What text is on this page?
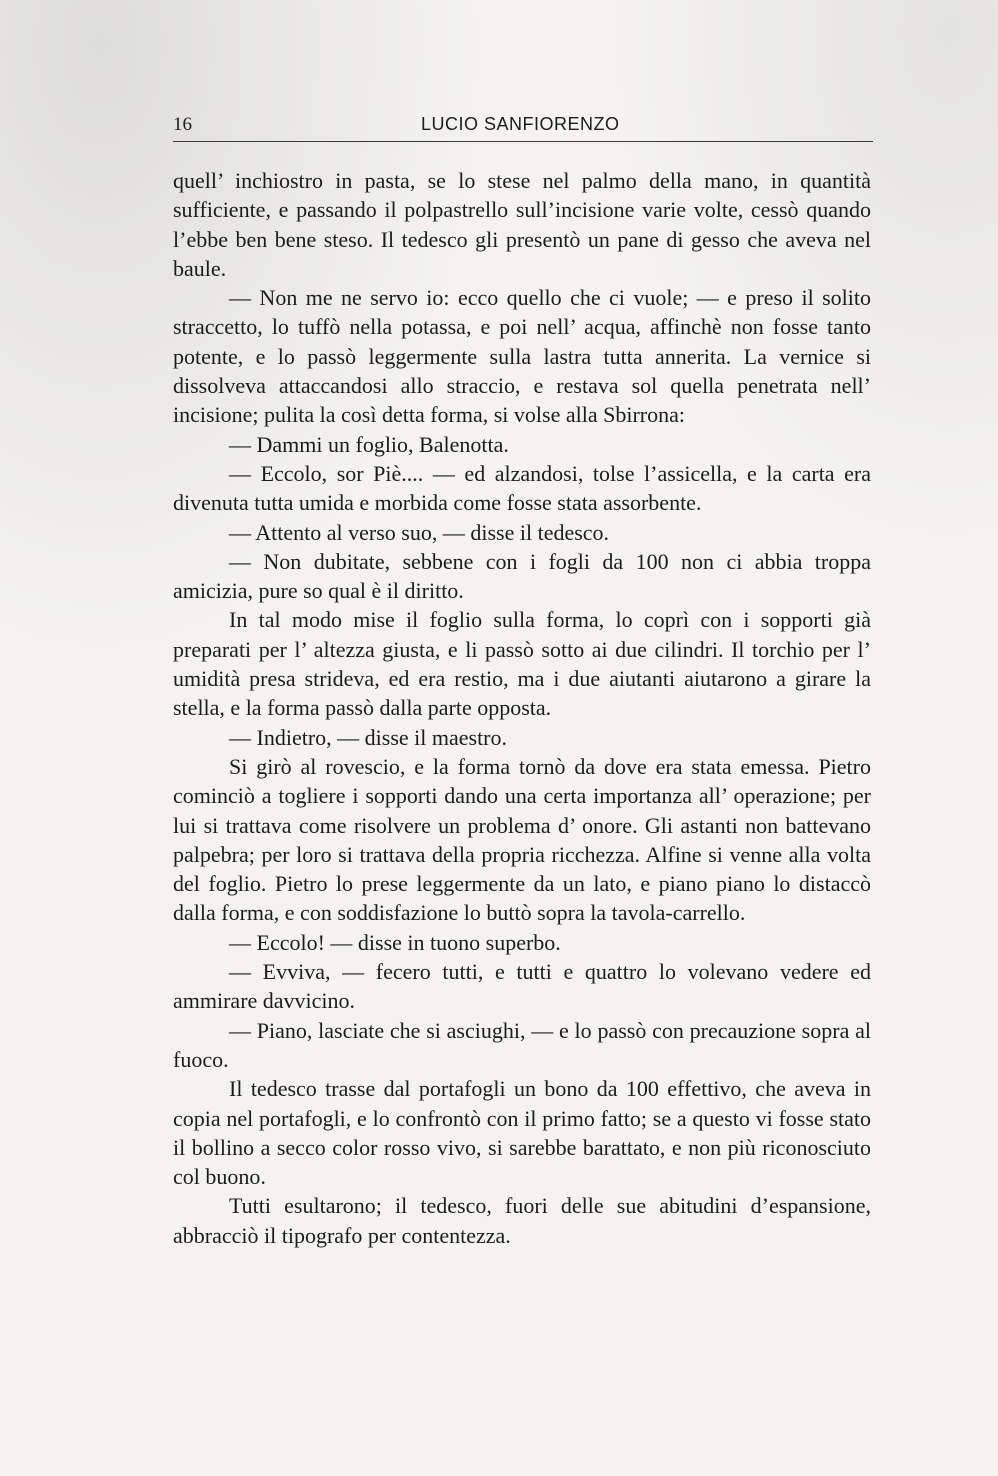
16	LUCIO SANFIORENZO

quell’ inchiostro in pasta, se lo stese nel palmo della mano, in quantità sufficiente, e passando il polpastrello sull’incisione varie volte, cessò quando l’ebbe ben bene steso. Il tedesco gli presentò un pane di gesso che aveva nel baule.

— Non me ne servo io: ecco quello che ci vuole; — e preso il solito straccetto, lo tuffò nella potassa, e poi nell’ acqua, affinchè non fosse tanto potente, e lo passò leggermente sulla lastra tutta annerita. La vernice si dissolveva attaccandosi allo straccio, e restava sol quella penetrata nell’ incisione; pulita la così detta forma, si volse alla Sbirrona:

— Dammi un foglio, Balenotta.

— Eccolo, sor Piè.... — ed alzandosi, tolse l’assicella, e la carta era divenuta tutta umida e morbida come fosse stata assorbente.

— Attento al verso suo, — disse il tedesco.

— Non dubitate, sebbene con i fogli da 100 non ci abbia troppa amicizia, pure so qual è il diritto.

In tal modo mise il foglio sulla forma, lo coprì con i sopporti già preparati per l’ altezza giusta, e li passò sotto ai due cilindri. Il torchio per l’ umidità presa strideva, ed era restio, ma i due aiutanti aiutarono a girare la stella, e la forma passò dalla parte opposta.

— Indietro, — disse il maestro.

Si girò al rovescio, e la forma tornò da dove era stata emessa. Pietro cominciò a togliere i sopporti dando una certa importanza all’ operazione; per lui si trattava come risolvere un problema d’ onore. Gli astanti non battevano palpebra; per loro si trattava della propria ricchezza. Alfine si venne alla volta del foglio. Pietro lo prese leggermente da un lato, e piano piano lo distaccò dalla forma, e con soddisfazione lo buttò sopra la tavola-carrello.

— Eccolo! — disse in tuono superbo.

— Evviva, — fecero tutti, e tutti e quattro lo volevano vedere ed ammirare davvicino.

— Piano, lasciate che si asciughi, — e lo passò con precauzione sopra al fuoco.

Il tedesco trasse dal portafogli un bono da 100 effettivo, che aveva in copia nel portafogli, e lo confrontò con il primo fatto; se a questo vi fosse stato il bollino a secco color rosso vivo, si sarebbe barattato, e non più riconosciuto col buono.

Tutti esultarono; il tedesco, fuori delle sue abitudini d’espansione, abbracciò il tipografo per contentezza.
